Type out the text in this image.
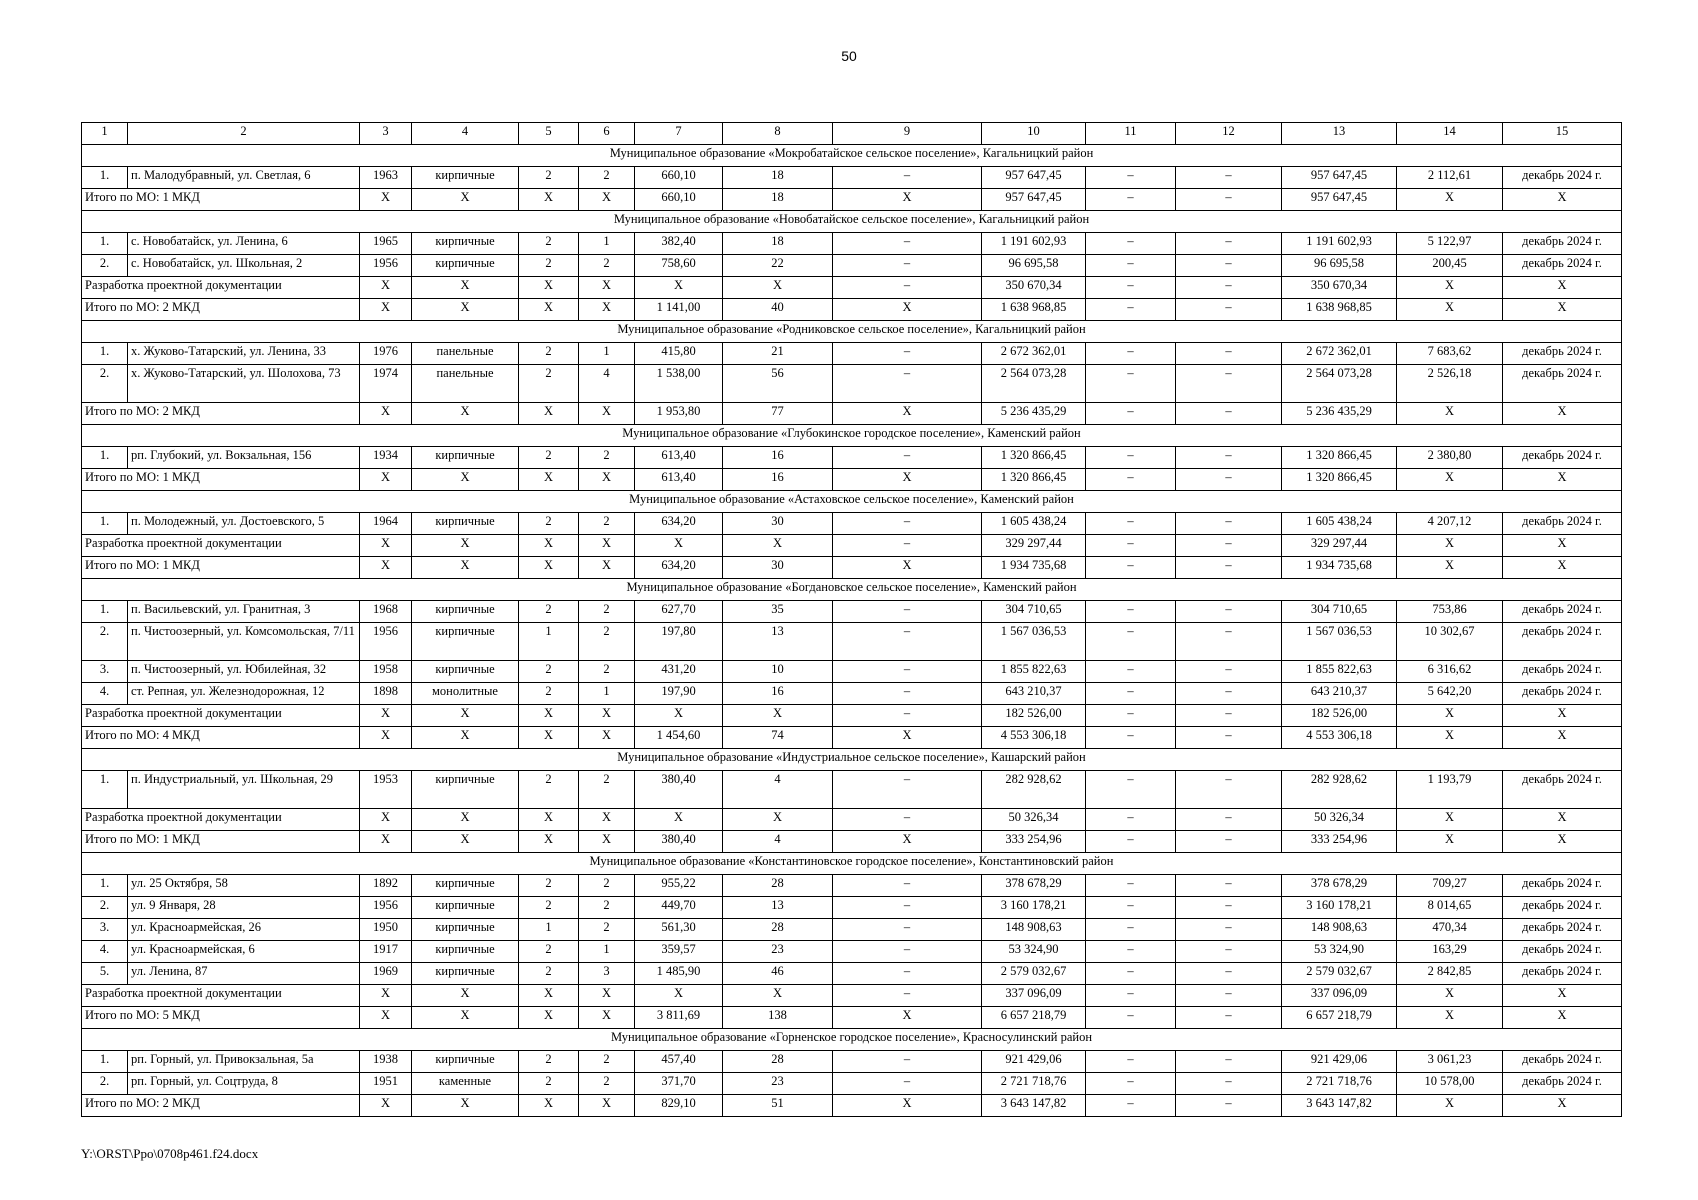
50
1	2	3	4	5	6	7	8	9	10	11	12	13	14	15
Муниципальное образование «Мокробатайское сельское поселение», Кагальницкий район														
1.	п. Малодубравный, ул. Светлая, 6	1963	кирпичные	2	2	660,10	18	–	957 647,45	–	–	957 647,45	2 112,61	декабрь 2024 г.
Итого по МО: 1 МКД		Х	Х	Х	Х	660,10	18	Х	957 647,45	–	–	957 647,45	Х	Х
Муниципальное образование «Новобатайское сельское поселение», Кагальницкий район														
1.	с. Новобатайск, ул. Ленина, 6	1965	кирпичные	2	1	382,40	18	–	1 191 602,93	–	–	1 191 602,93	5 122,97	декабрь 2024 г.
2.	с. Новобатайск, ул. Школьная, 2	1956	кирпичные	2	2	758,60	22	–	96 695,58	–	–	96 695,58	200,45	декабрь 2024 г.
Разработка проектной документации		Х	Х	Х	Х	Х	Х	–	350 670,34	–	–	350 670,34	Х	Х
Итого по МО: 2 МКД		Х	Х	Х	Х	1 141,00	40	Х	1 638 968,85	–	–	1 638 968,85	Х	Х
Муниципальное образование «Родниковское сельское поселение», Кагальницкий район														
1.	х. Жуково-Татарский, ул. Ленина, 33	1976	панельные	2	1	415,80	21	–	2 672 362,01	–	–	2 672 362,01	7 683,62	декабрь 2024 г.
2.	х. Жуково-Татарский, ул. Шолохова, 73	1974	панельные	2	4	1 538,00	56	–	2 564 073,28	–	–	2 564 073,28	2 526,18	декабрь 2024 г.
Итого по МО: 2 МКД		Х	Х	Х	Х	1 953,80	77	Х	5 236 435,29	–	–	5 236 435,29	Х	Х
Муниципальное образование «Глубокинское городское поселение», Каменский район														
1.	рп. Глубокий, ул. Вокзальная, 156	1934	кирпичные	2	2	613,40	16	–	1 320 866,45	–	–	1 320 866,45	2 380,80	декабрь 2024 г.
Итого по МО: 1 МКД		Х	Х	Х	Х	613,40	16	Х	1 320 866,45	–	–	1 320 866,45	Х	Х
Муниципальное образование «Астаховское сельское поселение», Каменский район														
1.	п. Молодежный, ул. Достоевского, 5	1964	кирпичные	2	2	634,20	30	–	1 605 438,24	–	–	1 605 438,24	4 207,12	декабрь 2024 г.
Разработка проектной документации		Х	Х	Х	Х	Х	Х	–	329 297,44	–	–	329 297,44	Х	Х
Итого по МО: 1 МКД		Х	Х	Х	Х	634,20	30	Х	1 934 735,68	–	–	1 934 735,68	Х	Х
Муниципальное образование «Богдановское сельское поселение», Каменский район														
1.	п. Васильевский, ул. Гранитная, 3	1968	кирпичные	2	2	627,70	35	–	304 710,65	–	–	304 710,65	753,86	декабрь 2024 г.
2.	п. Чистоозерный, ул. Комсомольская, 7/11	1956	кирпичные	1	2	197,80	13	–	1 567 036,53	–	–	1 567 036,53	10 302,67	декабрь 2024 г.
3.	п. Чистоозерный, ул. Юбилейная, 32	1958	кирпичные	2	2	431,20	10	–	1 855 822,63	–	–	1 855 822,63	6 316,62	декабрь 2024 г.
4.	ст. Репная, ул. Железнодорожная, 12	1898	монолитные	2	1	197,90	16	–	643 210,37	–	–	643 210,37	5 642,20	декабрь 2024 г.
Разработка проектной документации		Х	Х	Х	Х	Х	Х	–	182 526,00	–	–	182 526,00	Х	Х
Итого по МО: 4 МКД		Х	Х	Х	Х	1 454,60	74	Х	4 553 306,18	–	–	4 553 306,18	Х	Х
Муниципальное образование «Индустриальное сельское поселение», Кашарский район														
1.	п. Индустриальный, ул. Школьная, 29	1953	кирпичные	2	2	380,40	4	–	282 928,62	–	–	282 928,62	1 193,79	декабрь 2024 г.
Разработка проектной документации		Х	Х	Х	Х	Х	Х	–	50 326,34	–	–	50 326,34	Х	Х
Итого по МО: 1 МКД		Х	Х	Х	Х	380,40	4	Х	333 254,96	–	–	333 254,96	Х	Х
Муниципальное образование «Константиновское городское поселение», Константиновский район														
1.	ул. 25 Октября, 58	1892	кирпичные	2	2	955,22	28	–	378 678,29	–	–	378 678,29	709,27	декабрь 2024 г.
2.	ул. 9 Января, 28	1956	кирпичные	2	2	449,70	13	–	3 160 178,21	–	–	3 160 178,21	8 014,65	декабрь 2024 г.
3.	ул. Красноармейская, 26	1950	кирпичные	1	2	561,30	28	–	148 908,63	–	–	148 908,63	470,34	декабрь 2024 г.
4.	ул. Красноармейская, 6	1917	кирпичные	2	1	359,57	23	–	53 324,90	–	–	53 324,90	163,29	декабрь 2024 г.
5.	ул. Ленина, 87	1969	кирпичные	2	3	1 485,90	46	–	2 579 032,67	–	–	2 579 032,67	2 842,85	декабрь 2024 г.
Разработка проектной документации		Х	Х	Х	Х	Х	Х	–	337 096,09	–	–	337 096,09	Х	Х
Итого по МО: 5 МКД		Х	Х	Х	Х	3 811,69	138	Х	6 657 218,79	–	–	6 657 218,79	Х	Х
Муниципальное образование «Горненское городское поселение», Красносулинский район														
1.	рп. Горный, ул. Привокзальная, 5а	1938	кирпичные	2	2	457,40	28	–	921 429,06	–	–	921 429,06	3 061,23	декабрь 2024 г.
2.	рп. Горный, ул. Соцтруда, 8	1951	каменные	2	2	371,70	23	–	2 721 718,76	–	–	2 721 718,76	10 578,00	декабрь 2024 г.
Итого по МО: 2 МКД		Х	Х	Х	Х	829,10	51	Х	3 643 147,82	–	–	3 643 147,82	Х	Х
Y:\ORST\Ppo\0708p461.f24.docx
